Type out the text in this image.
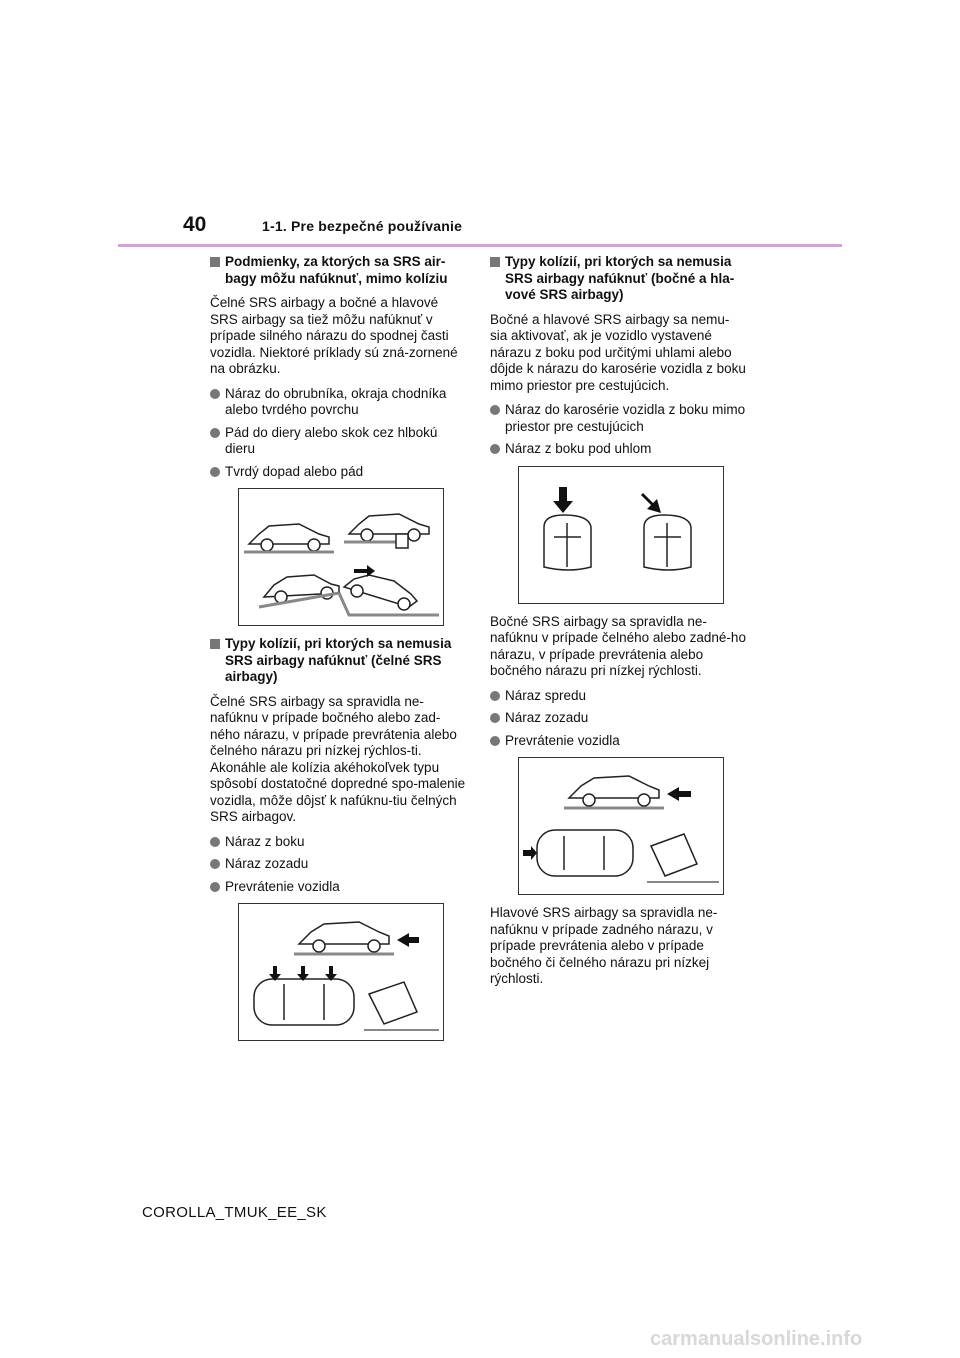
40	1-1. Pre bezpečné používanie
Podmienky, za ktorých sa SRS air-bagy môžu nafúknuť, mimo kolíziu
Čelné SRS airbagy a bočné a hlavové SRS airbagy sa tiež môžu nafúknuť v prípade silného nárazu do spodnej časti vozidla. Niektoré príklady sú zná-zornené na obrázku.
Náraz do obrubníka, okraja chodníka alebo tvrdého povrchu
Pád do diery alebo skok cez hlbokú dieru
Tvrdý dopad alebo pád
Typy kolízií, pri ktorých sa nemusia SRS airbagy nafúknuť (čelné SRS airbagy)
Čelné SRS airbagy sa spravidla ne-nafúknu v prípade bočného alebo zad-ného nárazu, v prípade prevrátenia alebo čelného nárazu pri nízkej rýchlos-ti. Akonáhle ale kolízia akéhokoľvek typu spôsobí dostatočné dopredné spo-malenie vozidla, môže dôjsť k nafúknu-tiu čelných SRS airbagov.
Náraz z boku
Náraz zozadu
Prevrátenie vozidla
Typy kolízií, pri ktorých sa nemusia SRS airbagy nafúknuť (bočné a hla-vové SRS airbagy)
Bočné a hlavové SRS airbagy sa nemu-sia aktivovať, ak je vozidlo vystavené nárazu z boku pod určitými uhlami alebo dôjde k nárazu do karosérie vozidla z boku mimo priestor pre cestujúcich.
Náraz do karosérie vozidla z boku mimo priestor pre cestujúcich
Náraz z boku pod uhlom
Bočné SRS airbagy sa spravidla ne-nafúknu v prípade čelného alebo zadné-ho nárazu, v prípade prevrátenia alebo bočného nárazu pri nízkej rýchlosti.
Náraz spredu
Náraz zozadu
Prevrátenie vozidla
Hlavové SRS airbagy sa spravidla ne-nafúknu v prípade zadného nárazu, v prípade prevrátenia alebo v prípade bočného či čelného nárazu pri nízkej rýchlosti.
COROLLA_TMUK_EE_SK
carmanualsonline.info
